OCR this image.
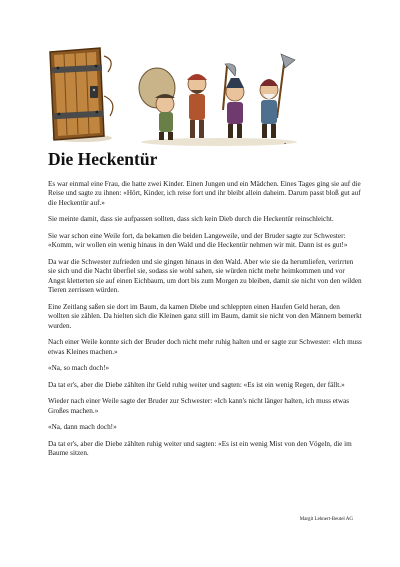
-
Die Heckentür

Es war einmal eine Frau, die hatte zwei Kinder. Einen Jungen und ein Mädchen. Eines Tages ging sie auf die Reise und sagte zu ihnen: «Hört, Kinder, ich reise fort und ihr bleibt allein daheim. Darum passt bloß gut auf die Heckentür auf.»

Sie meinte damit, dass sie aufpassen sollten, dass sich kein Dieb durch die Heckentür reinschleicht.

Sie war schon eine Weile fort, da bekamen die beiden Langeweile, und der Bruder sagte zur Schwester: «Komm, wir wollen ein wenig hinaus in den Wald und die Heckentür nehmen wir mit. Dann ist es gut!»

Da war die Schwester zufrieden und sie gingen hinaus in den Wald. Aber wie sie da herumliefen, verirrten sie sich und die Nacht überfiel sie, sodass sie wohl sahen, sie würden nicht mehr heimkommen und vor Angst kletterten sie auf einen Eichbaum, um dort bis zum Morgen zu bleiben, damit sie nicht von den wilden Tieren zerrissen würden.

Eine Zeitlang saßen sie dort im Baum, da kamen Diebe und schleppten einen Haufen Geld heran, den wollten sie zählen. Da hielten sich die Kleinen ganz still im Baum, damit sie nicht von den Männern bemerkt wurden.

Nach einer Weile konnte sich der Bruder doch nicht mehr ruhig halten und er sagte zur Schwester: «Ich muss etwas Kleines machen.»

«Na, so mach doch!»

Da tat er's, aber die Diebe zählten ihr Geld ruhig weiter und sagten: «Es ist ein wenig Regen, der fällt.»

Wieder nach einer Weile sagte der Bruder zur Schwester: «Ich kann's nicht länger halten, ich muss etwas Großes machen.»

«Na, dann mach doch!»

Da tat er's, aber die Diebe zählten ruhig weiter und sagten: «Es ist ein wenig Mist von den Vögeln, die im Baume sitzen.

Margit Lehnert-Beutel AG
